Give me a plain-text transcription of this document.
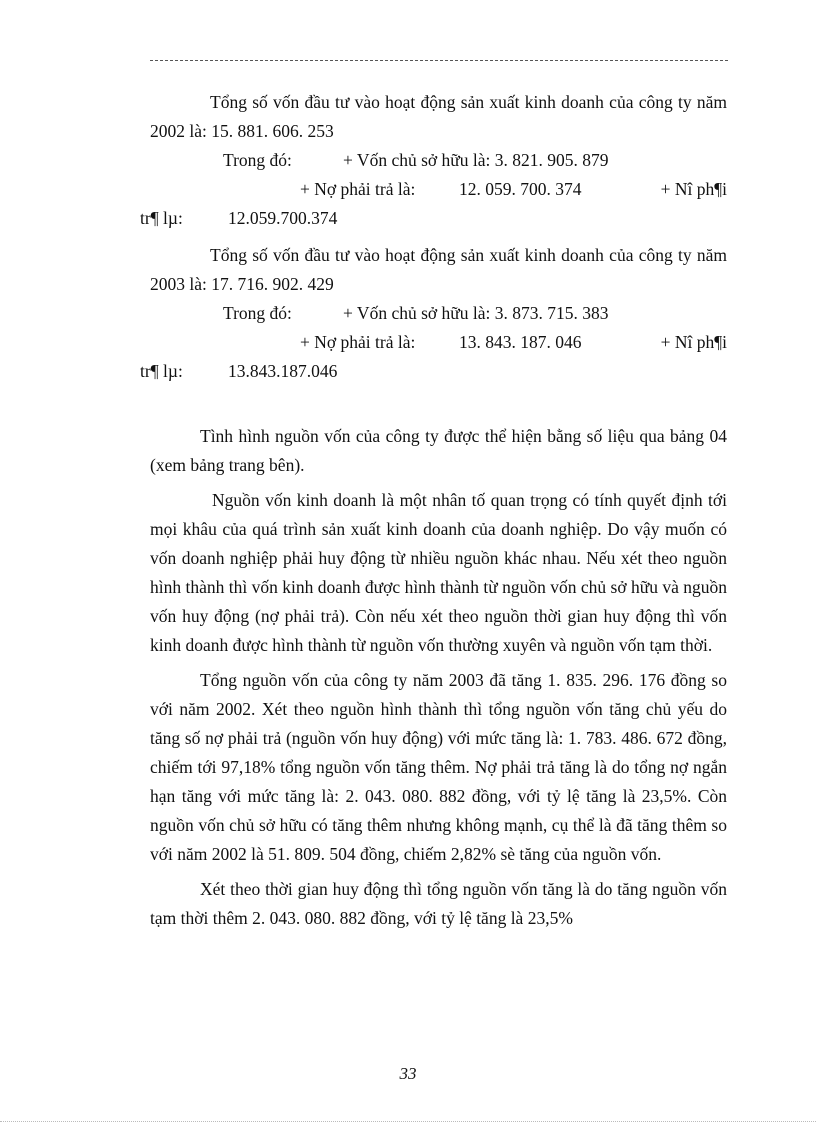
Tổng số vốn đầu tư vào hoạt động sản xuất kinh doanh của công ty năm 2002 là: 15. 881. 606. 253

Trong đó:	+ Vốn chủ sở hữu là: 3. 821. 905. 879
+ Nợ phải trả là: 12. 059. 700. 374	+ Nî ph¶i
tr¶ lµ:	12.059.700.374

Tổng số vốn đầu tư vào hoạt động sản xuất kinh doanh của công ty năm 2003 là: 17. 716. 902. 429

Trong đó:	+ Vốn chủ sở hữu là: 3. 873. 715. 383
+ Nợ phải trả là: 13. 843. 187. 046	+ Nî ph¶i
tr¶ lµ:	13.843.187.046

Tình hình nguồn vốn của công ty được thể hiện bằng số liệu qua bảng 04 (xem bảng trang bên).

Nguồn vốn kinh doanh là một nhân tố quan trọng có tính quyết định tới mọi khâu của quá trình sản xuất kinh doanh của doanh nghiệp. Do vậy muốn có vốn doanh nghiệp phải huy động từ nhiều nguồn khác nhau. Nếu xét theo nguồn hình thành thì vốn kinh doanh được hình thành từ nguồn vốn chủ sở hữu và nguồn vốn huy động (nợ phải trả). Còn nếu xét theo nguồn thời gian huy động thì vốn kinh doanh được hình thành từ nguồn vốn thường xuyên và nguồn vốn tạm thời.

Tổng nguồn vốn của công ty năm 2003 đã tăng 1. 835. 296. 176 đồng so với năm 2002. Xét theo nguồn hình thành thì tổng nguồn vốn tăng chủ yếu do tăng số nợ phải trả (nguồn vốn huy động) với mức tăng là: 1. 783. 486. 672 đồng, chiếm tới 97,18% tổng nguồn vốn tăng thêm. Nợ phải trả tăng là do tổng nợ ngắn hạn tăng với mức tăng là: 2. 043. 080. 882 đồng, với tỷ lệ tăng là 23,5%. Còn nguồn vốn chủ sở hữu có tăng thêm nhưng không mạnh, cụ thể là đã tăng thêm so với năm 2002 là 51. 809. 504 đồng, chiếm 2,82% sè tăng của nguồn vốn.

Xét theo thời gian huy động thì tổng nguồn vốn tăng là do tăng nguồn vốn tạm thời thêm 2. 043. 080. 882 đồng, với tỷ lệ tăng là 23,5%

33
